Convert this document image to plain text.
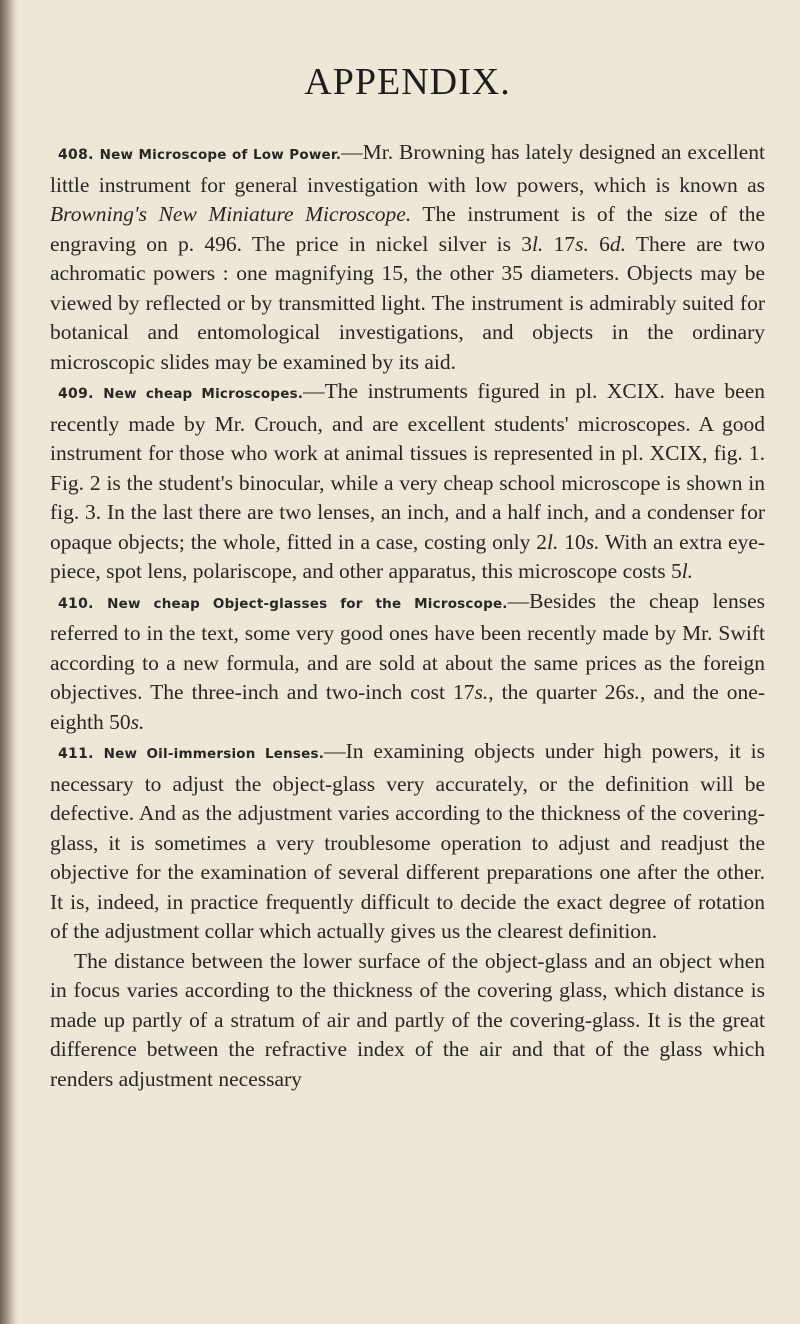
APPENDIX.

408. New Microscope of Low Power.—Mr. Browning has lately designed an excellent little instrument for general investigation with low powers, which is known as Browning's New Miniature Microscope. The instrument is of the size of the engraving on p. 496. The price in nickel silver is 3l. 17s. 6d. There are two achromatic powers : one magnifying 15, the other 35 diameters. Objects may be viewed by reflected or by transmitted light. The instrument is admirably suited for botanical and entomological investigations, and objects in the ordinary microscopic slides may be examined by its aid.

409. New cheap Microscopes.—The instruments figured in pl. XCIX. have been recently made by Mr. Crouch, and are excellent students' microscopes. A good instrument for those who work at animal tissues is represented in pl. XCIX, fig. 1. Fig. 2 is the student's binocular, while a very cheap school microscope is shown in fig. 3. In the last there are two lenses, an inch, and a half inch, and a condenser for opaque objects; the whole, fitted in a case, costing only 2l. 10s. With an extra eye-piece, spot lens, polariscope, and other apparatus, this microscope costs 5l.

410. New cheap Object-glasses for the Microscope.—Besides the cheap lenses referred to in the text, some very good ones have been recently made by Mr. Swift according to a new formula, and are sold at about the same prices as the foreign objectives. The three-inch and two-inch cost 17s., the quarter 26s., and the one-eighth 50s.

411. New Oil-immersion Lenses.—In examining objects under high powers, it is necessary to adjust the object-glass very accurately, or the definition will be defective. And as the adjustment varies according to the thickness of the covering-glass, it is sometimes a very troublesome operation to adjust and readjust the objective for the examination of several different preparations one after the other. It is, indeed, in practice frequently difficult to decide the exact degree of rotation of the adjustment collar which actually gives us the clearest definition.

The distance between the lower surface of the object-glass and an object when in focus varies according to the thickness of the covering glass, which distance is made up partly of a stratum of air and partly of the covering-glass. It is the great difference between the refractive index of the air and that of the glass which renders adjustment necessary
